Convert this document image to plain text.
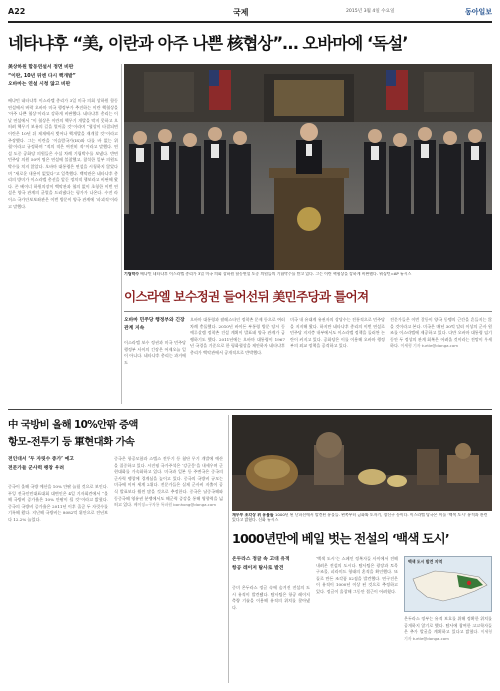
A22	국제	2015년 3월 4일 수요일	동아일보
네타냐후 “美, 이란과 아주 나쁜 核협상”… 오바마에 ‘독설’
美상하원 합동연설서 정면 비판
“이란, 10년 뒤엔 다시 핵개발”
오바마는 연설 시청 않고 비판
베냐민 네타냐후 이스라엘 총리가 3일 미국 의회 상하원 합동연설에서 버락 오바마 미국 행정부가 추진하는 이란 핵협상을 ‘아주 나쁜 협상’이라고 강하게 비판했다. 네타냐후 총리는 이날 연설에서 “이 협상은 이란의 핵무기 개발을 막지 못하고 오히려 핵무기 보유의 길을 열어줄 것”이라며 “협상이 타결되면 이란은 10년 뒤 제재에서 벗어나 핵개발을 재개할 것”이라고 주장했다. 그는 이란을 ‘이슬람국가(IS)와 다를 바 없는 위협’이라고 규정하며 “적의 적은 여전히 적”이라고 말했다. 연설 도중 공화당 의원들은 수십 차례 기립박수를 보냈다. 반면 민주당 의원 50여 명은 연설에 불참했고, 참석한 일부 의원도 박수를 치지 않았다. 오바마 대통령은 연설을 시청하지 않았다며 “새로운 내용이 없었다”고 일축했다. 백악관은 네타냐후 총리의 방미가 이스라엘 총선을 앞둔 정치적 행보라고 비판해 왔다. 존 베이너 하원의장이 백악관과 협의 없이 초청한 이번 연설은 양국 관계의 균열을 드러냈다는 평가가 나온다. 수전 라이스 국가안보보좌관은 이번 방문이 양국 관계에 ‘파괴적’이라고 말했다.
기립박수 베냐민 네타냐후 이스라엘 총리가 3일 미국 의회 상하원 합동연설 도중 의원들의 기립박수를 받고 있다. 그는 이란 핵협상을 강하게 비판했다. 워싱턴=AP 뉴시스
이스라엘 보수정권 들어선뒤 美민주당과 틀어져
오바마 민주당 행정부와 긴장 관계 지속
이스라엘 보수 정권과 미국 민주당 행정부 사이의 긴장은 어제오늘 일이 아니다. 네타냐후 총리는 과거에도
오바마 대통령과 팔레스타인 정착촌 문제 등으로 여러 차례 충돌했다. 2010년 바이든 부통령 방문 당시 동예루살렘 정착촌 건설 계획이 발표돼 양국 관계가 급랭하기도 했다. 2011년에는 오바마 대통령이 1967년 국경을 기준으로 한 평화협상을 제안하자 네타냐후 총리가 백악관에서 공개적으로 반박했다.
미국 내 유대계 유권자의 상당수는 전통적으로 민주당을 지지해 왔다. 하지만 네타냐후 총리의 이번 연설로 민주당 지지층 내부에서도 이스라엘 정책을 둘러싼 논란이 커지고 있다. 공화당은 이를 이용해 오바마 행정부의 외교 정책을 공격하고 있다.
전문가들은 이번 갈등이 양국 동맹의 근간을 흔들지는 않을 것이라고 본다. 미국은 매년 30억 달러 이상의 군사 원조를 이스라엘에 제공하고 있다. 다만 오바마 대통령 임기 동안 두 정상의 관계 회복은 어려울 것이라는 전망이 우세하다. 이세형 기자 turtle@donga.com
中 국방비 올해 10%안팎 증액
항모-전투기 등 軍현대화 가속
전인대서 ‘두 자릿수 증가’ 예고
전문가들 군사력 팽창 우려
중국이 올해 국방 예산을 10% 안팎 늘릴 것으로 보인다. 푸잉 전국인민대표대회 대변인은 4일 기자회견에서 “올해 국방비 증가율은 10% 안팎이 될 것”이라고 밝혔다. 중국의 국방비 증가율은 2011년 이후 줄곧 두 자릿수를 기록해 왔다. 지난해 국방비는 8082억 위안으로 전년보다 12.2% 늘었다.
중국은 항공모함과 스텔스 전투기 등 첨단 무기 개발에 예산을 집중하고 있다. 시진핑 국가주석은 ‘강군몽’을 내세우며 군 현대화를 가속화하고 있다. 미국과 일본 등 주변국은 중국의 군사력 팽창에 경계심을 높이고 있다. 중국의 국방비 규모는 미국에 이어 세계 2위다. 전문가들은 실제 군사비 지출이 공식 발표보다 훨씬 많을 것으로 추정한다. 중국은 남중국해와 동중국해 영유권 분쟁에서도 해군력 증강을 통해 영향력을 넓히고 있다. 베이징=구자룡 특파원 bonhong@donga.com
재무부 조각상 위 유물들 1000년 된 난파선에서 발견된 유물들. 왼쪽부터 금화와 도자기, 장신구 등이다. 이스라엘 당국은 이를 ‘백색 도시’ 유적과 관련 있다고 밝혔다. 신화 뉴시스
1000년만에 베일 벗는 전설의 ‘백색 도시’
온두라스 정글 속 고대 유적
항공 레이저 탐사로 발견
중미 온두라스 정글 속에 숨겨진 전설의 도시 유적이 발견됐다. 탐사팀은 항공 레이저 측량 기술을 이용해 유적의 위치를 찾아냈다.
‘백색 도시’는 스페인 정복자들 사이에서 전해 내려온 전설의 도시다. 탐사팀은 광장과 토목 구조물, 피라미드 형태의 흔적을 확인했다. 또 돌로 만든 조각품 52점을 발견했다. 연구진은 이 유적이 1000년 이상 된 것으로 추정하고 있다. 정글이 울창해 그동안 접근이 어려웠다.
백색 도시 발견 지역
온두라스 정부는 유적 보호를 위해 정확한 위치를 공개하지 않기로 했다. 탐사에 참여한 고고학자들은 추가 발굴을 계획하고 있다고 밝혔다. 이세형 기자 turtle@donga.com
